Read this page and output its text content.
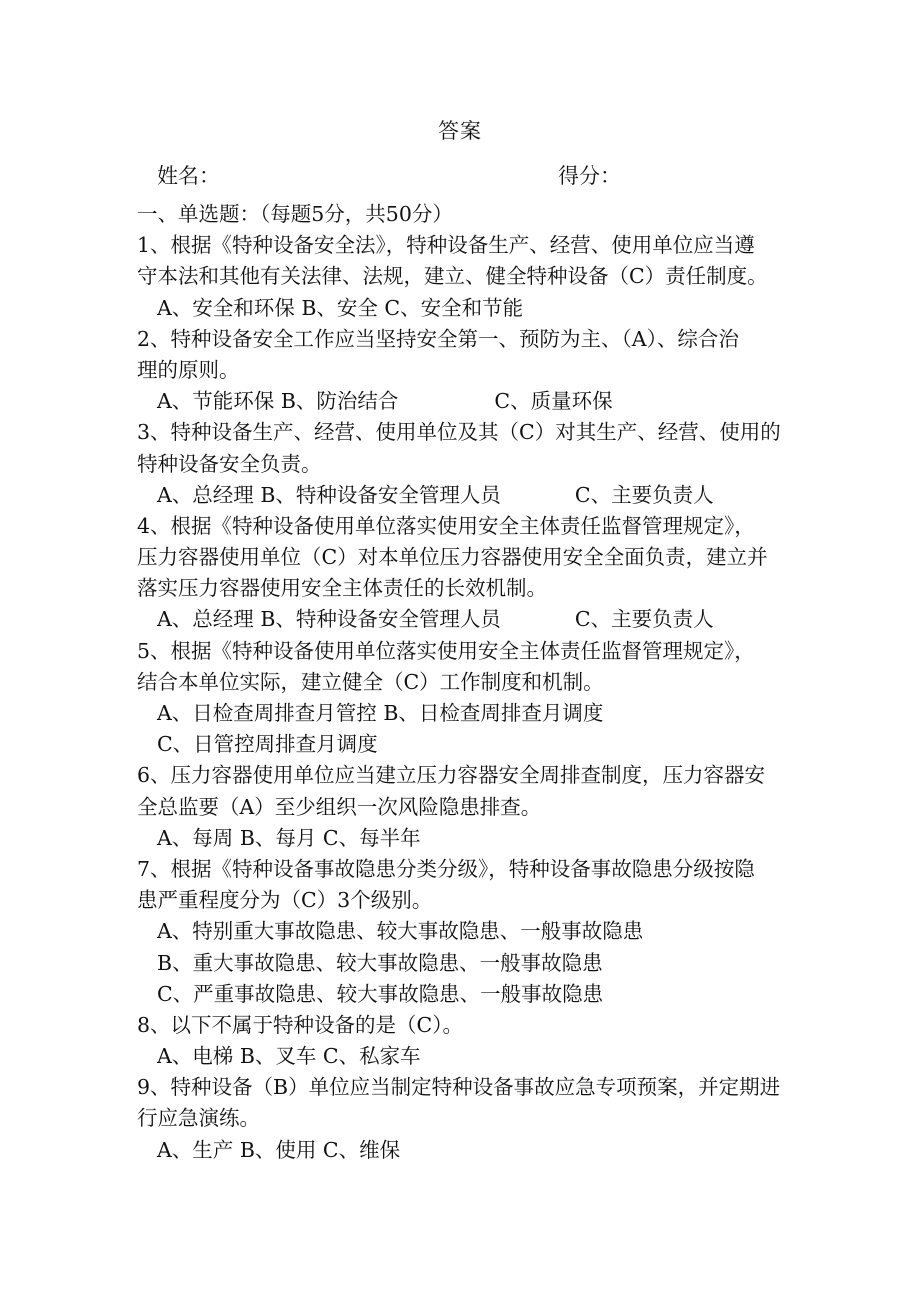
答案
姓名：	得分：
一、单选题：（每题5分，共50分）
1、根据《特种设备安全法》，特种设备生产、经营、使用单位应当遵
守本法和其他有关法律、法规，建立、健全特种设备（C）责任制度。
A、安全和环保 B、安全 C、安全和节能
2、特种设备安全工作应当坚持安全第一、预防为主、（A）、综合治
理的原则。
A、节能环保 B、防治结合	C、质量环保
3、特种设备生产、经营、使用单位及其（C）对其生产、经营、使用的
特种设备安全负责。
A、总经理 B、特种设备安全管理人员	C、主要负责人
4、根据《特种设备使用单位落实使用安全主体责任监督管理规定》，
压力容器使用单位（C）对本单位压力容器使用安全全面负责，建立并
落实压力容器使用安全主体责任的长效机制。
A、总经理 B、特种设备安全管理人员	C、主要负责人
5、根据《特种设备使用单位落实使用安全主体责任监督管理规定》，
结合本单位实际，建立健全（C）工作制度和机制。
A、日检查周排查月管控 B、日检查周排查月调度
C、日管控周排查月调度
6、压力容器使用单位应当建立压力容器安全周排查制度，压力容器安
全总监要（A）至少组织一次风险隐患排查。
A、每周 B、每月 C、每半年
7、根据《特种设备事故隐患分类分级》，特种设备事故隐患分级按隐
患严重程度分为（C）3个级别。
A、特别重大事故隐患、较大事故隐患、一般事故隐患
B、重大事故隐患、较大事故隐患、一般事故隐患
C、严重事故隐患、较大事故隐患、一般事故隐患
8、以下不属于特种设备的是（C）。
A、电梯 B、叉车 C、私家车
9、特种设备（B）单位应当制定特种设备事故应急专项预案，并定期进
行应急演练。
A、生产 B、使用 C、维保
